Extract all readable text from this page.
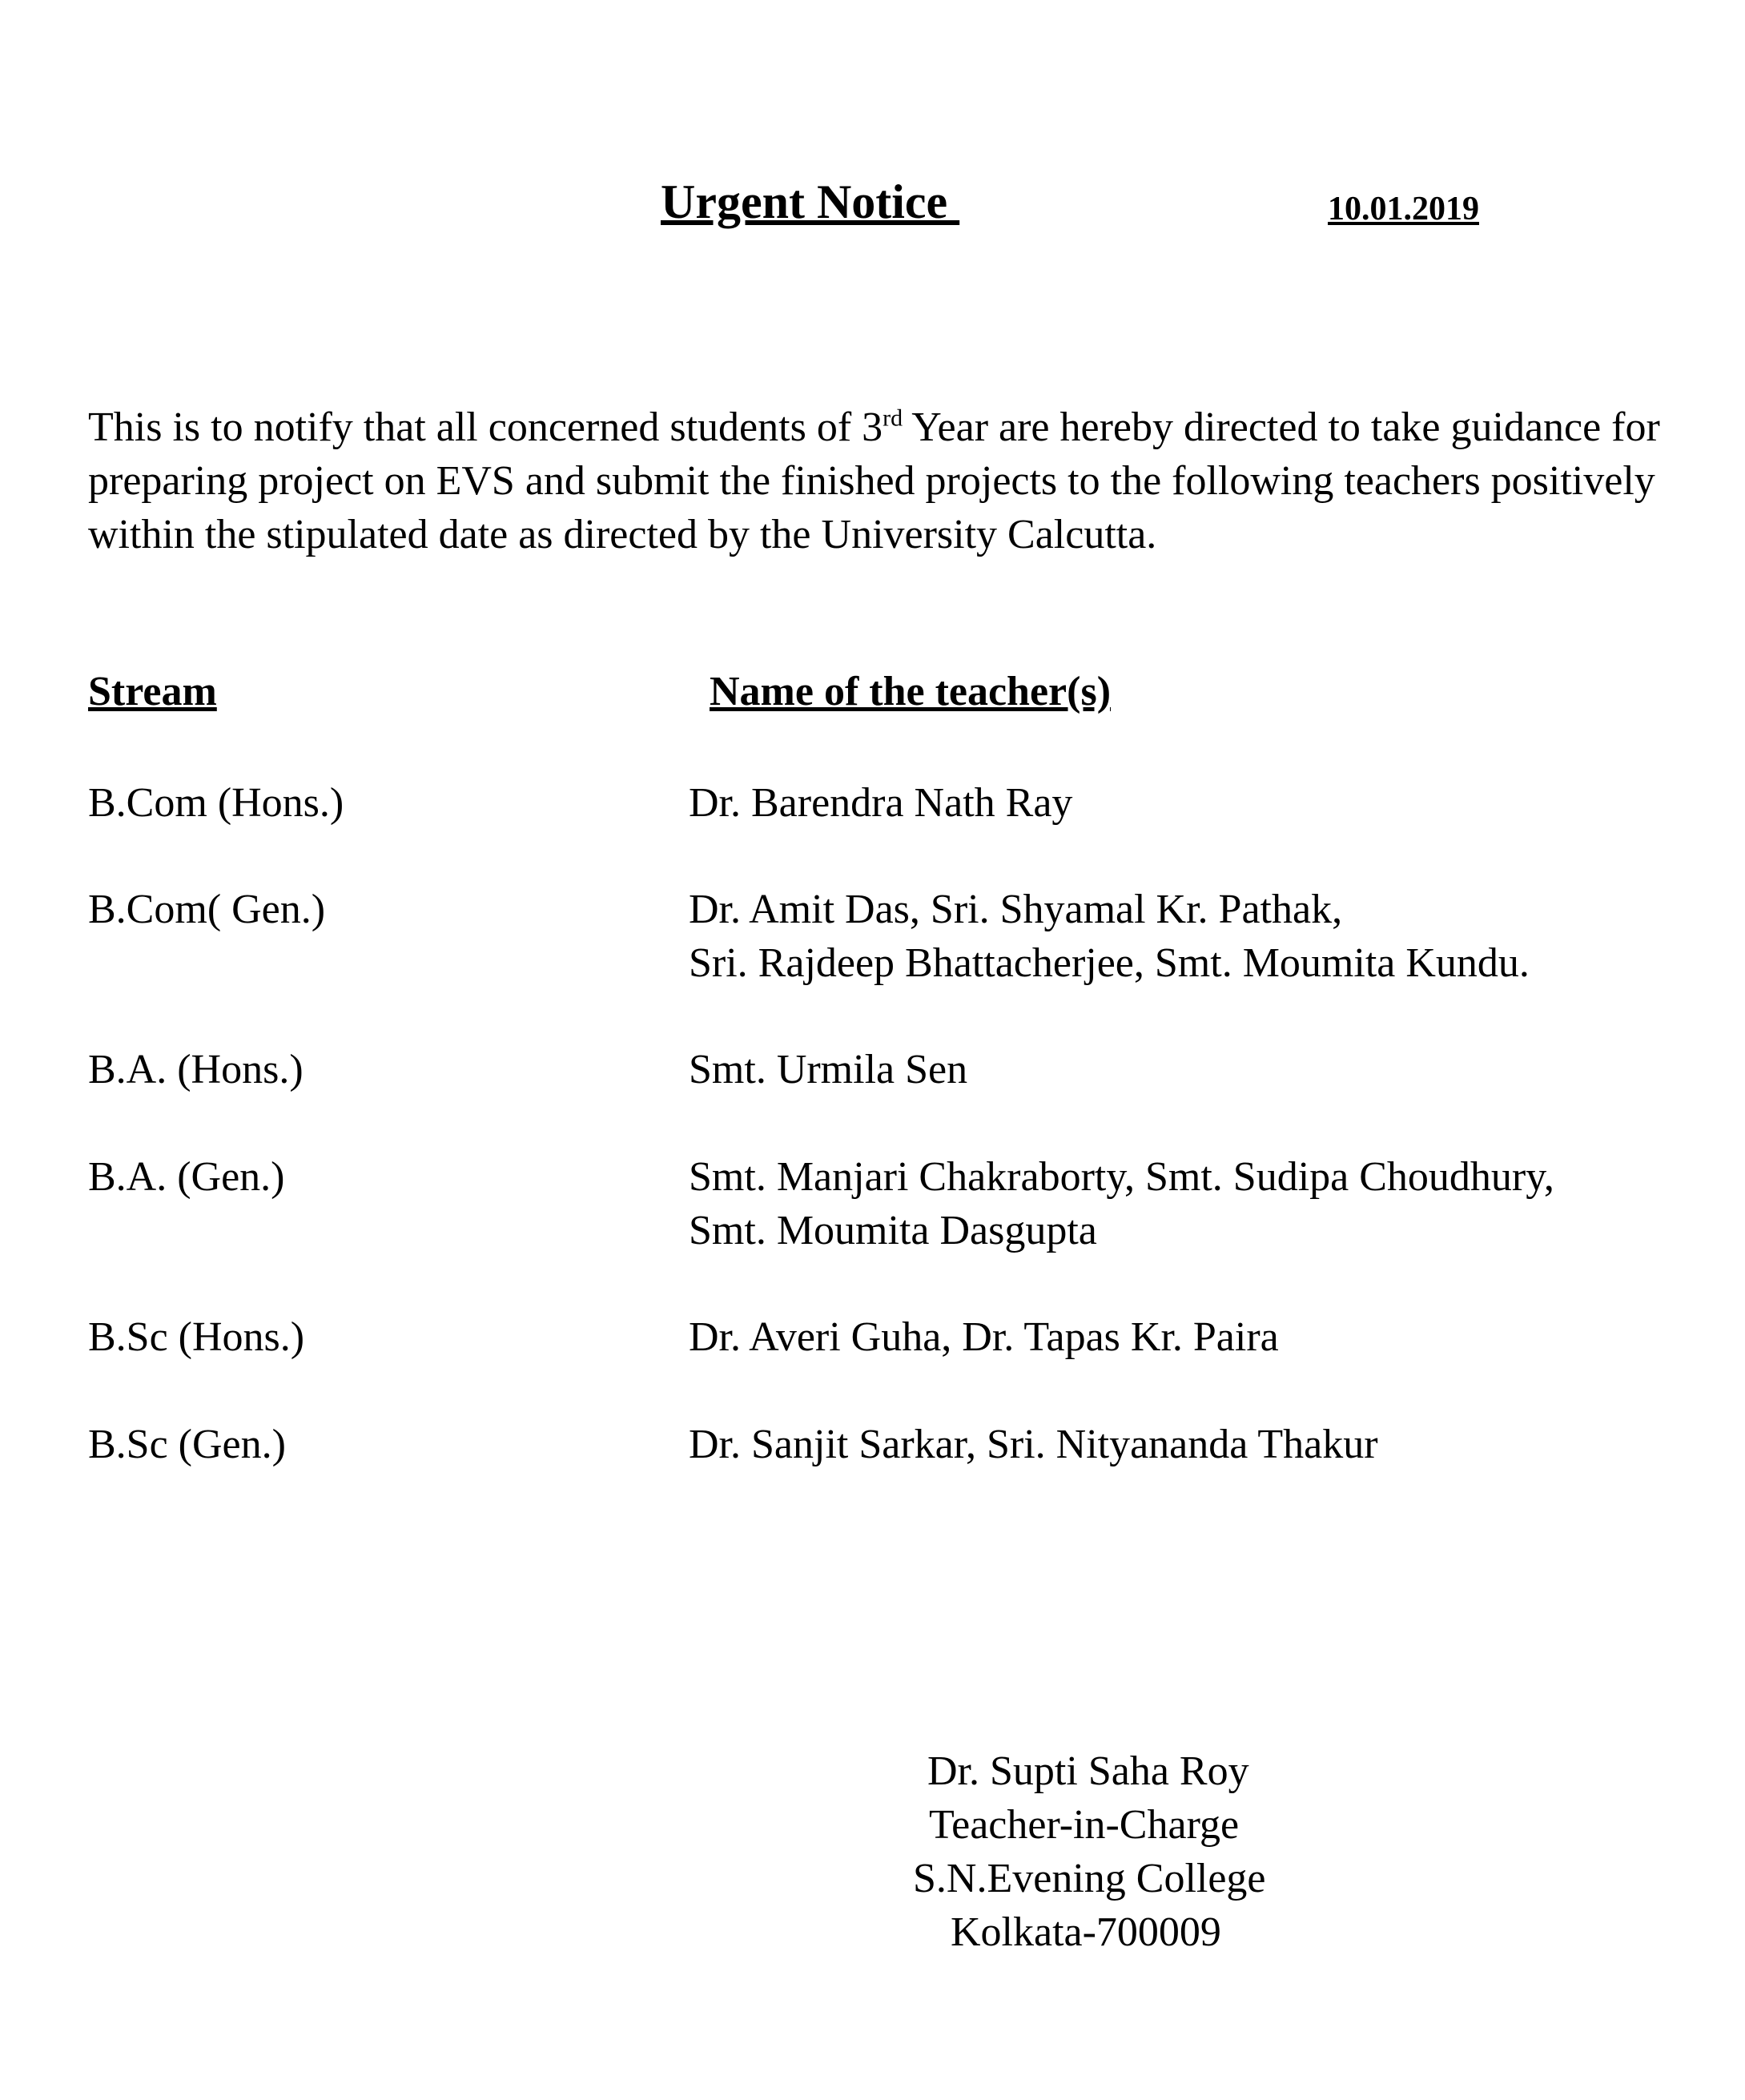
Urgent Notice	10.01.2019
This is to notify that all concerned students of 3rd Year are hereby directed to take guidance for preparing project on EVS and submit the finished projects to the following teachers positively within the stipulated date as directed by the University Calcutta.
Stream	Name of the teacher(s)
B.Com (Hons.)	Dr. Barendra Nath Ray
B.Com( Gen.)	Dr. Amit Das, Sri. Shyamal Kr. Pathak,
Sri. Rajdeep Bhattacherjee, Smt. Moumita Kundu.
B.A. (Hons.)	Smt. Urmila Sen
B.A. (Gen.)	Smt. Manjari Chakraborty, Smt. Sudipa Choudhury,
Smt. Moumita Dasgupta
B.Sc (Hons.)	Dr. Averi Guha, Dr. Tapas Kr. Paira
B.Sc (Gen.)	Dr. Sanjit Sarkar, Sri. Nityananda Thakur
Dr. Supti Saha Roy
Teacher-in-Charge
S.N.Evening College
Kolkata-700009
